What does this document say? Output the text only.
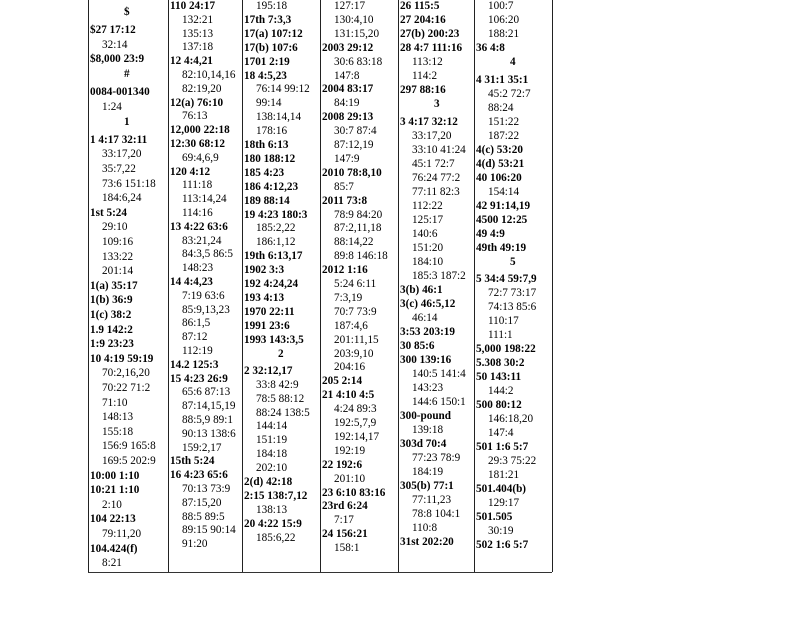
$
$27 17:12
32:14
$8,000 23:9
#
0084-001340
1:24
1
1 4:17 32:11
33:17,20
35:7,22
73:6 151:18
184:6,24
1st 5:24
29:10
109:16
133:22
201:14
1(a) 35:17
1(b) 36:9
1(c) 38:2
1.9 142:2
1:9 23:23
10 4:19 59:19
70:2,16,20
70:22 71:2
71:10
148:13
155:18
156:9 165:8
169:5 202:9
10:00 1:10
10:21 1:10
2:10
104 22:13
79:11,20
104.424(f)
8:21
110 24:17
132:21
135:13
137:18
12 4:4,21
82:10,14,16
82:19,20
12(a) 76:10
76:13
12,000 22:18
12:30 68:12
69:4,6,9
120 4:12
111:18
113:14,24
114:16
13 4:22 63:6
83:21,24
84:3,5 86:5
148:23
14 4:4,23
7:19 63:6
85:9,13,23
86:1,5
87:12
112:19
14.2 125:3
15 4:23 26:9
65:6 87:13
87:14,15,19
88:5,9 89:1
90:13 138:6
159:2,17
15th 5:24
16 4:23 65:6
70:13 73:9
87:15,20
88:5 89:5
89:15 90:14
91:20
195:18
17th 7:3,3
17(a) 107:12
17(b) 107:6
1701 2:19
18 4:5,23
76:14 99:12
99:14
138:14,14
178:16
18th 6:13
180 188:12
185 4:23
186 4:12,23
189 88:14
19 4:23 180:3
185:2,22
186:1,12
19th 6:13,17
1902 3:3
192 4:24,24
193 4:13
1970 22:11
1991 23:6
1993 143:3,5
2
2 32:12,17
33:8 42:9
78:5 88:12
88:24 138:5
144:14
151:19
184:18
202:10
2(d) 42:18
2:15 138:7,12
138:13
20 4:22 15:9
185:6,22
127:17
130:4,10
131:15,20
2003 29:12
30:6 83:18
147:8
2004 83:17
84:19
2008 29:13
30:7 87:4
87:12,19
147:9
2010 78:8,10
85:7
2011 73:8
78:9 84:20
87:2,11,18
88:14,22
89:8 146:18
2012 1:16
5:24 6:11
7:3,19
70:7 73:9
187:4,6
201:11,15
203:9,10
204:16
205 2:14
21 4:10 4:5
4:24 89:3
192:5,7,9
192:14,17
192:19
22 192:6
201:10
23 6:10 83:16
23rd 6:24
7:17
24 156:21
158:1
26 115:5
27 204:16
27(b) 200:23
28 4:7 111:16
113:12
114:2
297 88:16
3
3 4:17 32:12
33:17,20
33:10 41:24
45:1 72:7
76:24 77:2
77:11 82:3
112:22
125:17
140:6
151:20
184:10
185:3 187:2
3(b) 46:1
3(c) 46:5,12
46:14
3:53 203:19
30 85:6
300 139:16
140:5 141:4
143:23
144:6 150:1
300-pound
139:18
303d 70:4
77:23 78:9
184:19
305(b) 77:1
77:11,23
78:8 104:1
110:8
31st 202:20
100:7
106:20
188:21
36 4:8
4
4 31:1 35:1
45:2 72:7
88:24
151:22
187:22
4(c) 53:20
4(d) 53:21
40 106:20
154:14
42 91:14,19
4500 12:25
49 4:9
49th 49:19
5
5 34:4 59:7,9
72:7 73:17
74:13 85:6
110:17
111:1
5,000 198:22
5.308 30:2
50 143:11
144:2
500 80:12
146:18,20
147:4
501 1:6 5:7
29:3 75:22
181:21
501.404(b)
129:17
501.505
30:19
502 1:6 5:7
